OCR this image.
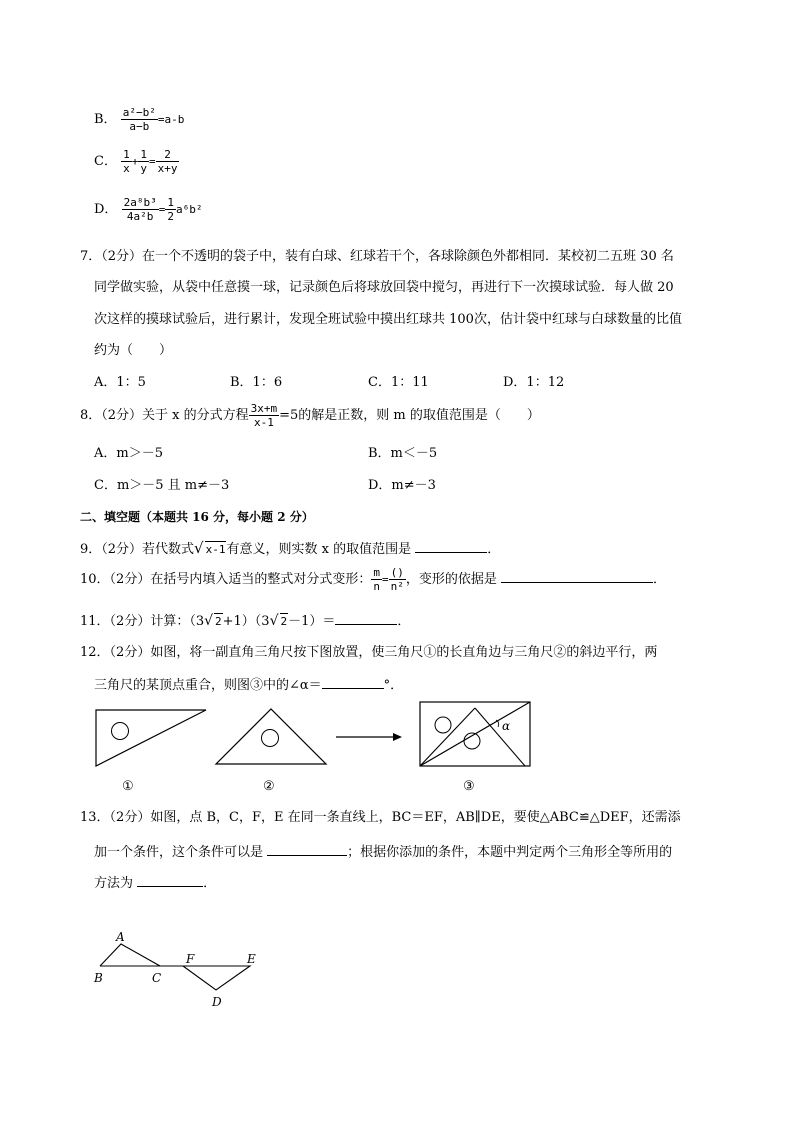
B． $\frac{\text{a²−b²}}{a-b} =a-b$
C． $\frac{1}{x} + \frac{1}{y} = \frac{2}{x+y}$
D． $\frac{\text{2a⁸b³}}{\text{4a²b}} = \frac{1}{2} a^6b^2$
7．（2分）在一个不透明的袋子中，装有白球、红球若干个，各球除颜色外都相同．某校初二五班 30 名
同学做实验，从袋中任意摸一球，记录颜色后将球放回袋中搅匀，再进行下一次摸球试验．每人做 20
次这样的摸球试验后，进行累计，发现全班试验中摸出红球共 100次，估计袋中红球与白球数量的比值
约为（　　）
A．1：5	B．1：6	C．1：11	D．1：12
8．（2分）关于 x 的分式方程 $\frac{3x+m}{x-1} =5$的解是正数，则 m 的取值范围是（　　）
A．m＞－5	B．m＜－5
C．m＞－5 且 m≠－3	D．m≠－3
二、填空题（本题共 16 分，每小题 2 分）
9．（2分）若代数式√ x-1有意义，则实数 x 的取值范围是	．
10．（2分）在括号内填入适当的整式对分式变形： $\frac{m}{n} = \frac{()}{\text{n²}}$ ，变形的依据是	．
11．（2分）计算：（3√ 2+1）（3√ 2－1）＝	．
12．（2分）如图，将一副直角三角尺按下图放置，使三角尺①的长直角边与三角尺②的斜边平行，两
三角尺的某顶点重合，则图③中的∠α＝	°．
α
①	②	③
13．（2分）如图，点 B，C，F，E 在同一条直线上，BC＝EF，AB∥DE，要使△ABC≌△DEF，还需添
加一个条件，这个条件可以是	；根据你添加的条件，本题中判定两个三角形全等所用的
方法为	．
A
B	C
F	E
D
